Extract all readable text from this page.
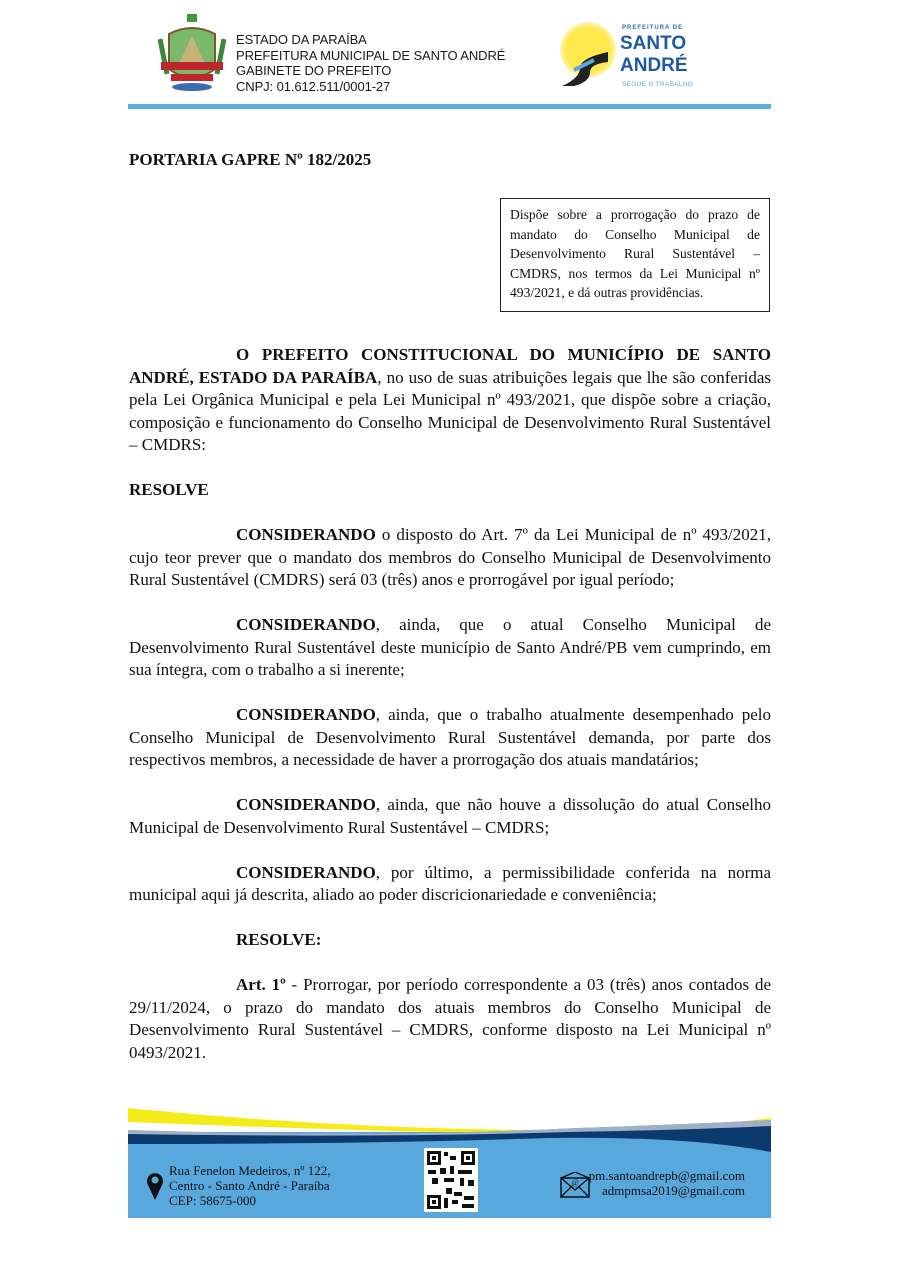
ESTADO DA PARAÍBA
PREFEITURA MUNICIPAL DE SANTO ANDRÉ
GABINETE DO PREFEITO
CNPJ: 01.612.511/0001-27
PREFEITURA DE
SANTO
ANDRÉ
SEGUE O TRABALHO
PORTARIA GAPRE Nº 182/2025
Dispõe sobre a prorrogação do prazo de mandato do Conselho Municipal de Desenvolvimento Rural Sustentável – CMDRS, nos termos da Lei Municipal nº 493/2021, e dá outras providências.
O PREFEITO CONSTITUCIONAL DO MUNICÍPIO DE SANTO ANDRÉ, ESTADO DA PARAÍBA, no uso de suas atribuições legais que lhe são conferidas pela Lei Orgânica Municipal e pela Lei Municipal nº 493/2021, que dispõe sobre a criação, composição e funcionamento do Conselho Municipal de Desenvolvimento Rural Sustentável – CMDRS:
RESOLVE
CONSIDERANDO o disposto do Art. 7º da Lei Municipal de nº 493/2021, cujo teor prever que o mandato dos membros do Conselho Municipal de Desenvolvimento Rural Sustentável (CMDRS) será 03 (três) anos e prorrogável por igual período;
CONSIDERANDO, ainda, que o atual Conselho Municipal de Desenvolvimento Rural Sustentável deste município de Santo André/PB vem cumprindo, em sua íntegra, com o trabalho a si inerente;
CONSIDERANDO, ainda, que o trabalho atualmente desempenhado pelo Conselho Municipal de Desenvolvimento Rural Sustentável demanda, por parte dos respectivos membros, a necessidade de haver a prorrogação dos atuais mandatários;
CONSIDERANDO, ainda, que não houve a dissolução do atual Conselho Municipal de Desenvolvimento Rural Sustentável – CMDRS;
CONSIDERANDO, por último, a permissibilidade conferida na norma municipal aqui já descrita, aliado ao poder discricionariedade e conveniência;
RESOLVE:
Art. 1º - Prorrogar, por período correspondente a 03 (três) anos contados de 29/11/2024, o prazo do mandato dos atuais membros do Conselho Municipal de Desenvolvimento Rural Sustentável – CMDRS, conforme disposto na Lei Municipal nº 0493/2021.
Rua Fenelon Medeiros, nº 122,
Centro - Santo André - Paraíba
CEP: 58675-000
@ pm.santoandrepb@gmail.com
admpmsa2019@gmail.com
